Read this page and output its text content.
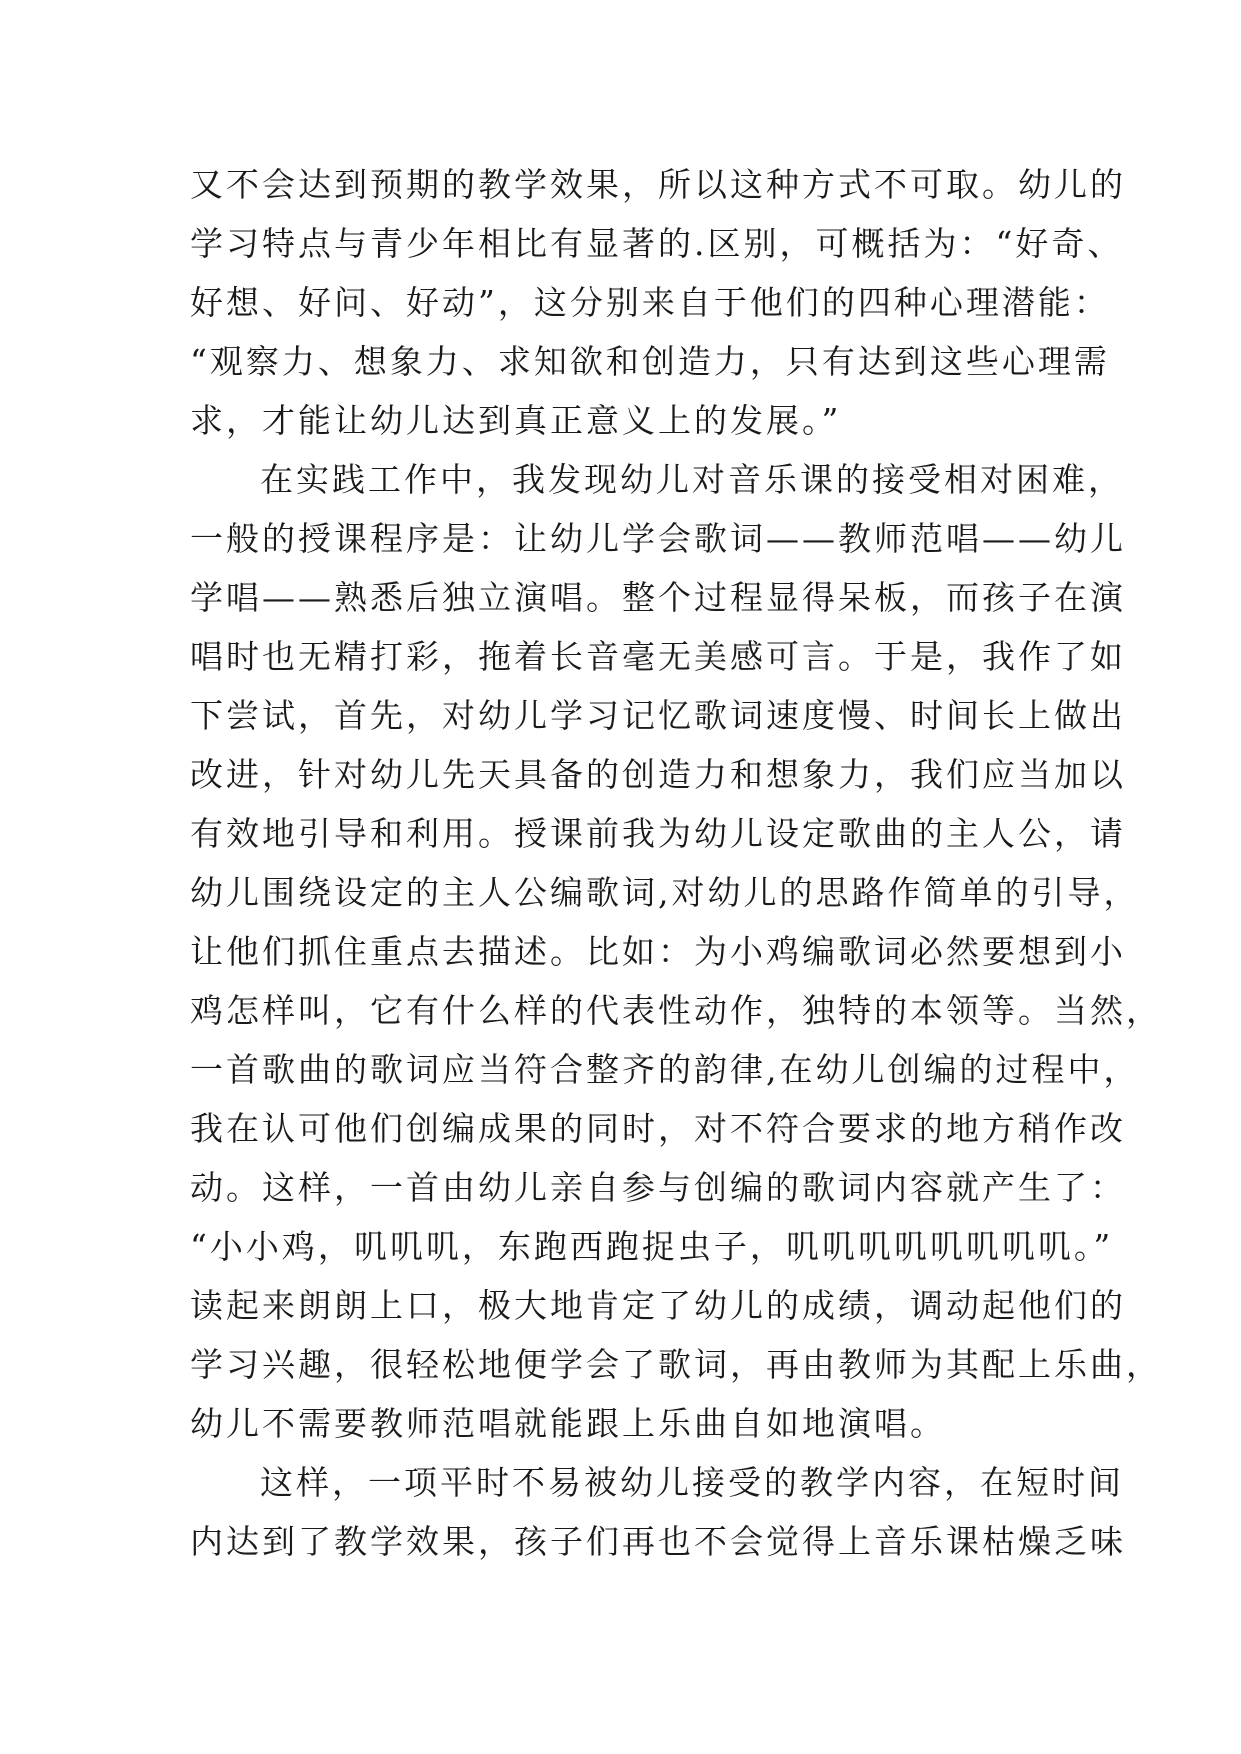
又不会达到预期的教学效果，所以这种方式不可取。幼儿的
学习特点与青少年相比有显著的.区别，可概括为：“好奇、
好想、好问、好动”，这分别来自于他们的四种心理潜能：
“观察力、想象力、求知欲和创造力，只有达到这些心理需
求，才能让幼儿达到真正意义上的发展。”
在实践工作中，我发现幼儿对音乐课的接受相对困难，
一般的授课程序是：让幼儿学会歌词——教师范唱——幼儿
学唱——熟悉后独立演唱。整个过程显得呆板，而孩子在演
唱时也无精打彩，拖着长音毫无美感可言。于是，我作了如
下尝试，首先，对幼儿学习记忆歌词速度慢、时间长上做出
改进，针对幼儿先天具备的创造力和想象力，我们应当加以
有效地引导和利用。授课前我为幼儿设定歌曲的主人公，请
幼儿围绕设定的主人公编歌词,对幼儿的思路作简单的引导，
让他们抓住重点去描述。比如：为小鸡编歌词必然要想到小
鸡怎样叫，它有什么样的代表性动作，独特的本领等。当然，
一首歌曲的歌词应当符合整齐的韵律,在幼儿创编的过程中，
我在认可他们创编成果的同时，对不符合要求的地方稍作改
动。这样，一首由幼儿亲自参与创编的歌词内容就产生了：
“小小鸡，叽叽叽，东跑西跑捉虫子，叽叽叽叽叽叽叽叽。”
读起来朗朗上口，极大地肯定了幼儿的成绩，调动起他们的
学习兴趣，很轻松地便学会了歌词，再由教师为其配上乐曲，
幼儿不需要教师范唱就能跟上乐曲自如地演唱。
这样，一项平时不易被幼儿接受的教学内容，在短时间
内达到了教学效果，孩子们再也不会觉得上音乐课枯燥乏味
